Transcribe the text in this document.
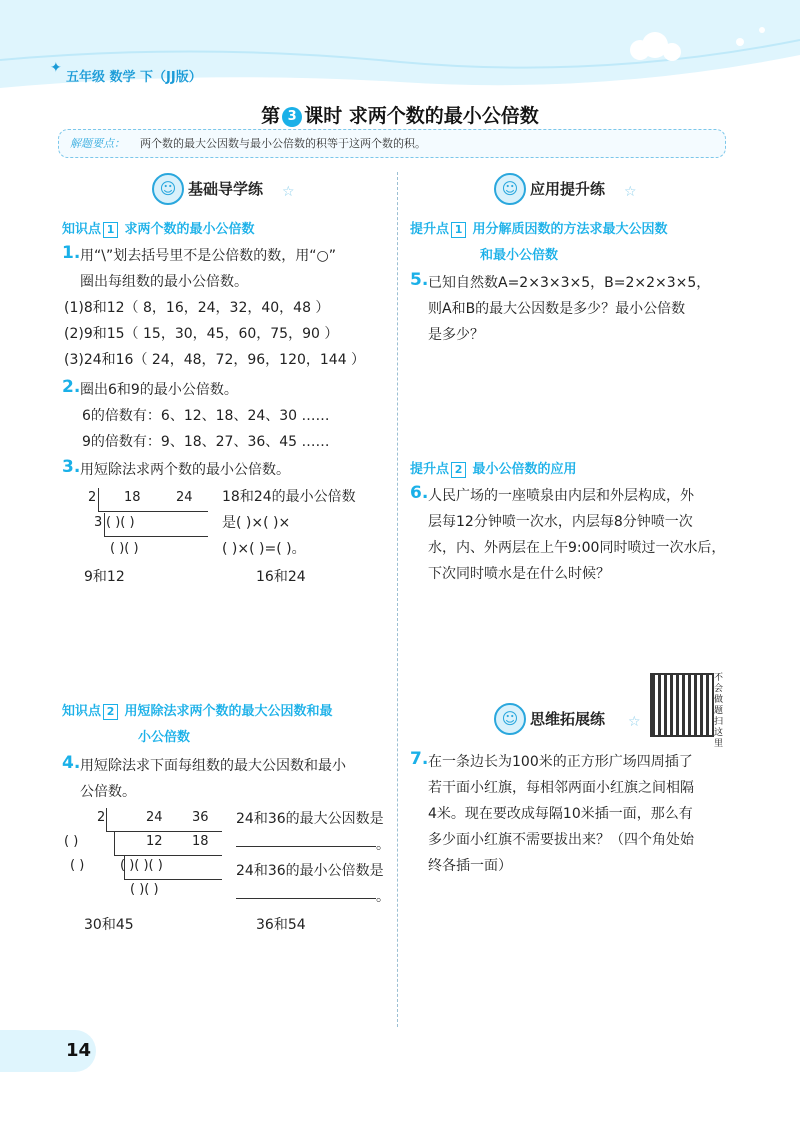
✦
五年级 数学 下（JJ版）
第 3 课时 求两个数的最小公倍数
解题要点： 两个数的最大公因数与最小公倍数的积等于这两个数的积。
☺ 基础导学练 ☆
知识点 1 求两个数的最小公倍数
1. 用“\”划去括号里不是公倍数的数，用“○”
圈出每组数的最小公倍数。
(1)8和12（ 8，16，24，32，40，48 ）
(2)9和15（ 15，30，45，60，75，90 ）
(3)24和16（ 24，48，72，96，120，144 ）
2. 圈出6和9的最小公倍数。
6的倍数有：6、12、18、24、30 ……
9的倍数有：9、18、27、36、45 ……
3. 用短除法求两个数的最小公倍数。
2 18	24
3 ( )( )
( )( )
18和24的最小公倍数
是( )×( )×
( )×( )=( )。
9和12	16和24
知识点 2 用短除法求两个数的最大公因数和最
小公倍数
4. 用短除法求下面每组数的最大公因数和最小
公倍数。
2	24 36
( )	12 18
( )	( )( )( )
( )( )
24和36的最大公因数是
。
24和36的最小公倍数是
。
30和45	36和54
☺ 应用提升练 ☆
提升点 1 用分解质因数的方法求最大公因数
和最小公倍数
5. 已知自然数A=2×3×3×5，B=2×2×3×5，
则A和B的最大公因数是多少？最小公倍数
是多少？
提升点 2 最小公倍数的应用
6. 人民广场的一座喷泉由内层和外层构成，外
层每12分钟喷一次水，内层每8分钟喷一次
水，内、外两层在上午9:00同时喷过一次水后，
下次同时喷水是在什么时候？
☺ 思维拓展练 ☆
不会做题扫这里
7. 在一条边长为100米的正方形广场四周插了
若干面小红旗，每相邻两面小红旗之间相隔
4米。现在要改成每隔10米插一面，那么有
多少面小红旗不需要拔出来？（四个角处始
终各插一面）
14
